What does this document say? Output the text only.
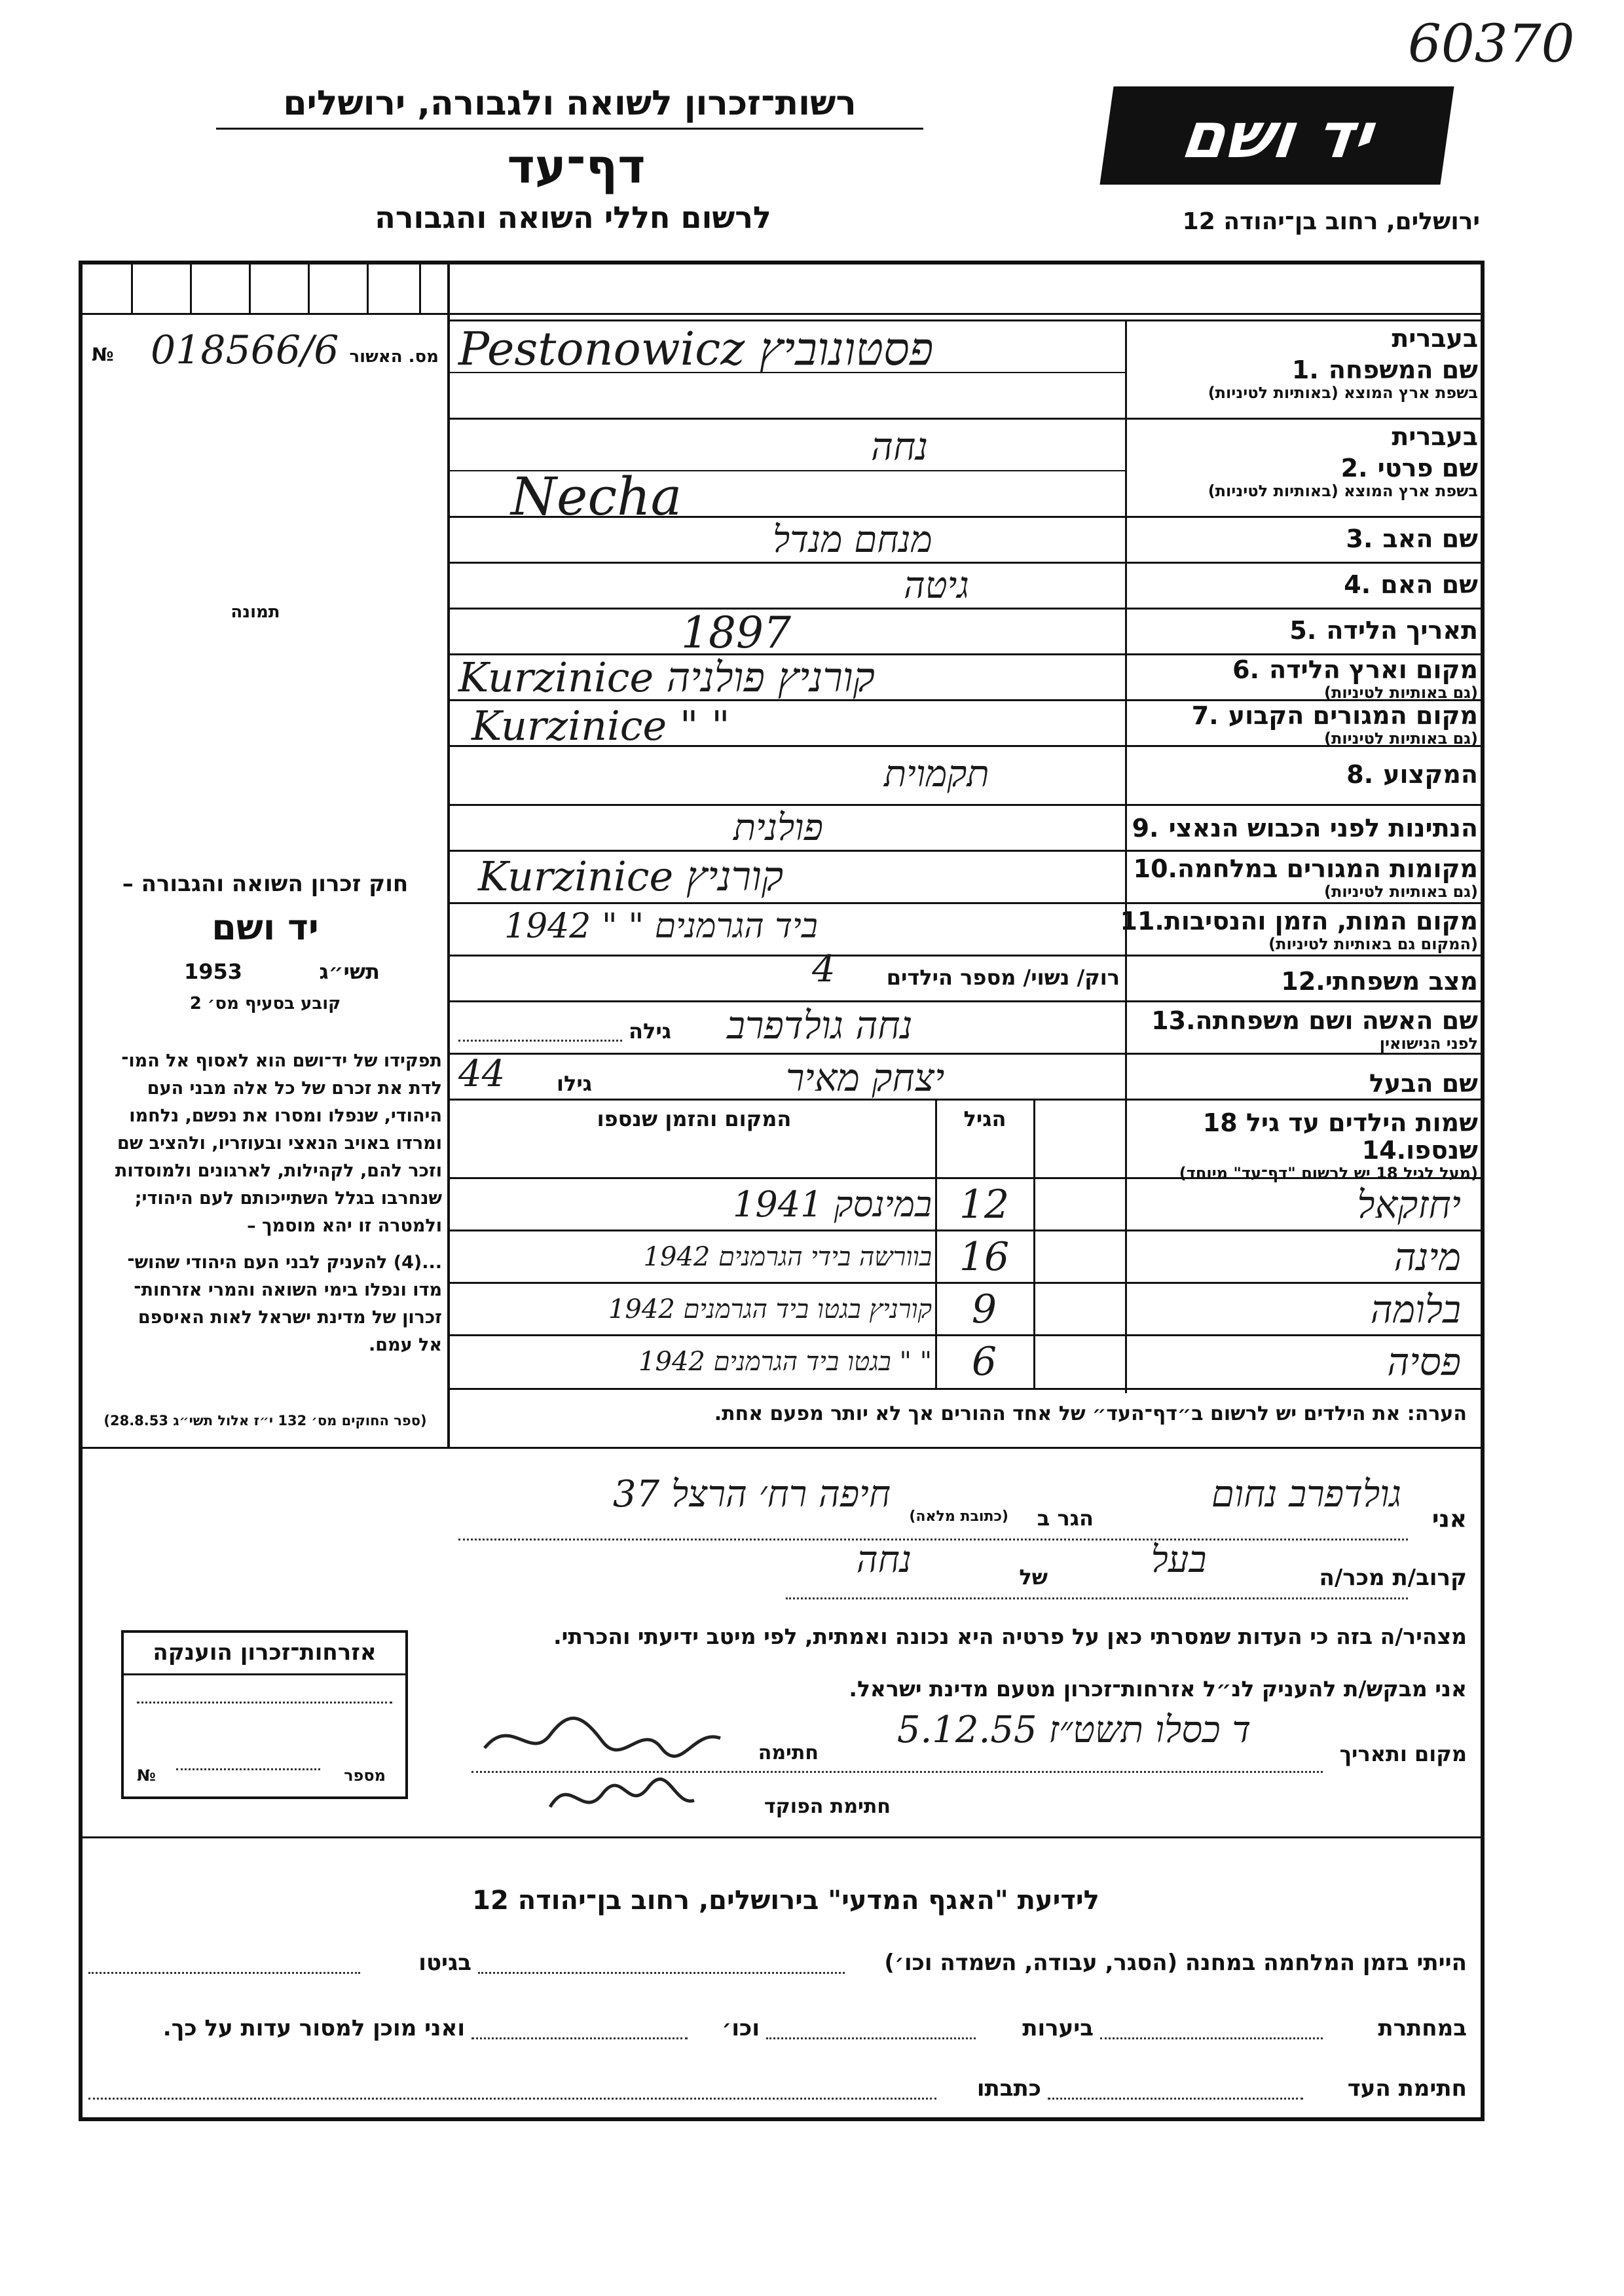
60370
רשות־זכרון לשואה ולגבורה, ירושלים
דף־עד
לרשום חללי השואה והגבורה
יד ושם
ירושלים, רחוב בן־יהודה 12
№ 018566/6 מס. האשור
תמונה
חוק זכרון השואה והגבורה –
יד ושם
תשי״ג
1953
קובע בסעיף מס׳ 2
תפקידו של יד־ושם הוא לאסוף אל המו־
לדת את זכרם של כל אלה מבני העם
היהודי, שנפלו ומסרו את נפשם, נלחמו
ומרדו באויב הנאצי ובעוזריו, ולהציב שם
וזכר להם, לקהילות, לארגונים ולמוסדות
שנחרבו בגלל השתייכותם לעם היהודי;
ולמטרה זו יהא מוסמך –
...(4) להעניק לבני העם היהודי שהוש־
מדו ונפלו בימי השואה והמרי אזרחות־
זכרון של מדינת ישראל לאות האיספם
אל עמם.
(ספר החוקים מס׳ 132 י״ז אלול תשי״ג 28.8.53)
בעברית
שם המשפחה.1
בשפת ארץ המוצא (באותיות לטיניות)
בעברית
שם פרטי.2
בשפת ארץ המוצא (באותיות לטיניות)
שם האב.3
שם האם.4
תאריך הלידה.5
מקום וארץ הלידה.6
(גם באותיות לטיניות)
מקום המגורים הקבוע.7
(גם באותיות לטיניות)
המקצוע.8
הנתינות לפני הכבוש הנאצי.9
מקומות המגורים במלחמה.10
(גם באותיות לטיניות)
מקום המות, הזמן והנסיבות.11
(המקום גם באותיות לטיניות)
מצב משפחתי.12
שם האשה ושם משפחתה.13
לפני הנישואין
שם הבעל
שמות הילדים עד גיל 18 שנספו.14
(מעל לגיל 18 יש לרשום "דף־עד" מיוחד)
Pestonowicz פסטונוביץ
נחה
Necha
מנחם מנדל
גיטה
1897
Kurzinice קורניץ פולניה
Kurzinice " "
תקמוית
פולנית
Kurzinice קורניץ
1942 " " ביד הגרמנים
רוק/ נשוי/ מספר הילדים
4
נחה גולדפרב
גילה
יצחק מאיר
גילו
44
הגיל
המקום והזמן שנספו
יחזקאל
12
במינסק 1941
מינה
16
בוורשה בידי הגרמנים 1942
בלומה
9
קורניץ בגטו ביד הגרמנים 1942
פסיה
6
" " בגטו ביד הגרמנים 1942
הערה: את הילדים יש לרשום ב״דף־העד״ של אחד ההורים אך לא יותר מפעם אחת.
אני
גולדפרב נחום
הגר ב
(כתובת מלאה)
חיפה רח׳ הרצל 37
קרוב/ת מכר/ה
בעל
של
נחה
מצהיר/ה בזה כי העדות שמסרתי כאן על פרטיה היא נכונה ואמתית, לפי מיטב ידיעתי והכרתי.
אני מבקש/ת להעניק לנ״ל אזרחות־זכרון מטעם מדינת ישראל.
מקום ותאריך
ד כסלו תשט״ז 5.12.55
חתימה
חתימת הפוקד
אזרחות־זכרון הוענקה
מספר
№
לידיעת "האגף המדעי" בירושלים, רחוב בן־יהודה 12
הייתי בזמן המלחמה במחנה (הסגר, עבודה, השמדה וכו׳)
בגיטו
במחתרת
ביערות
וכו׳
ואני מוכן למסור עדות על כך.
חתימת העד
כתבתו
